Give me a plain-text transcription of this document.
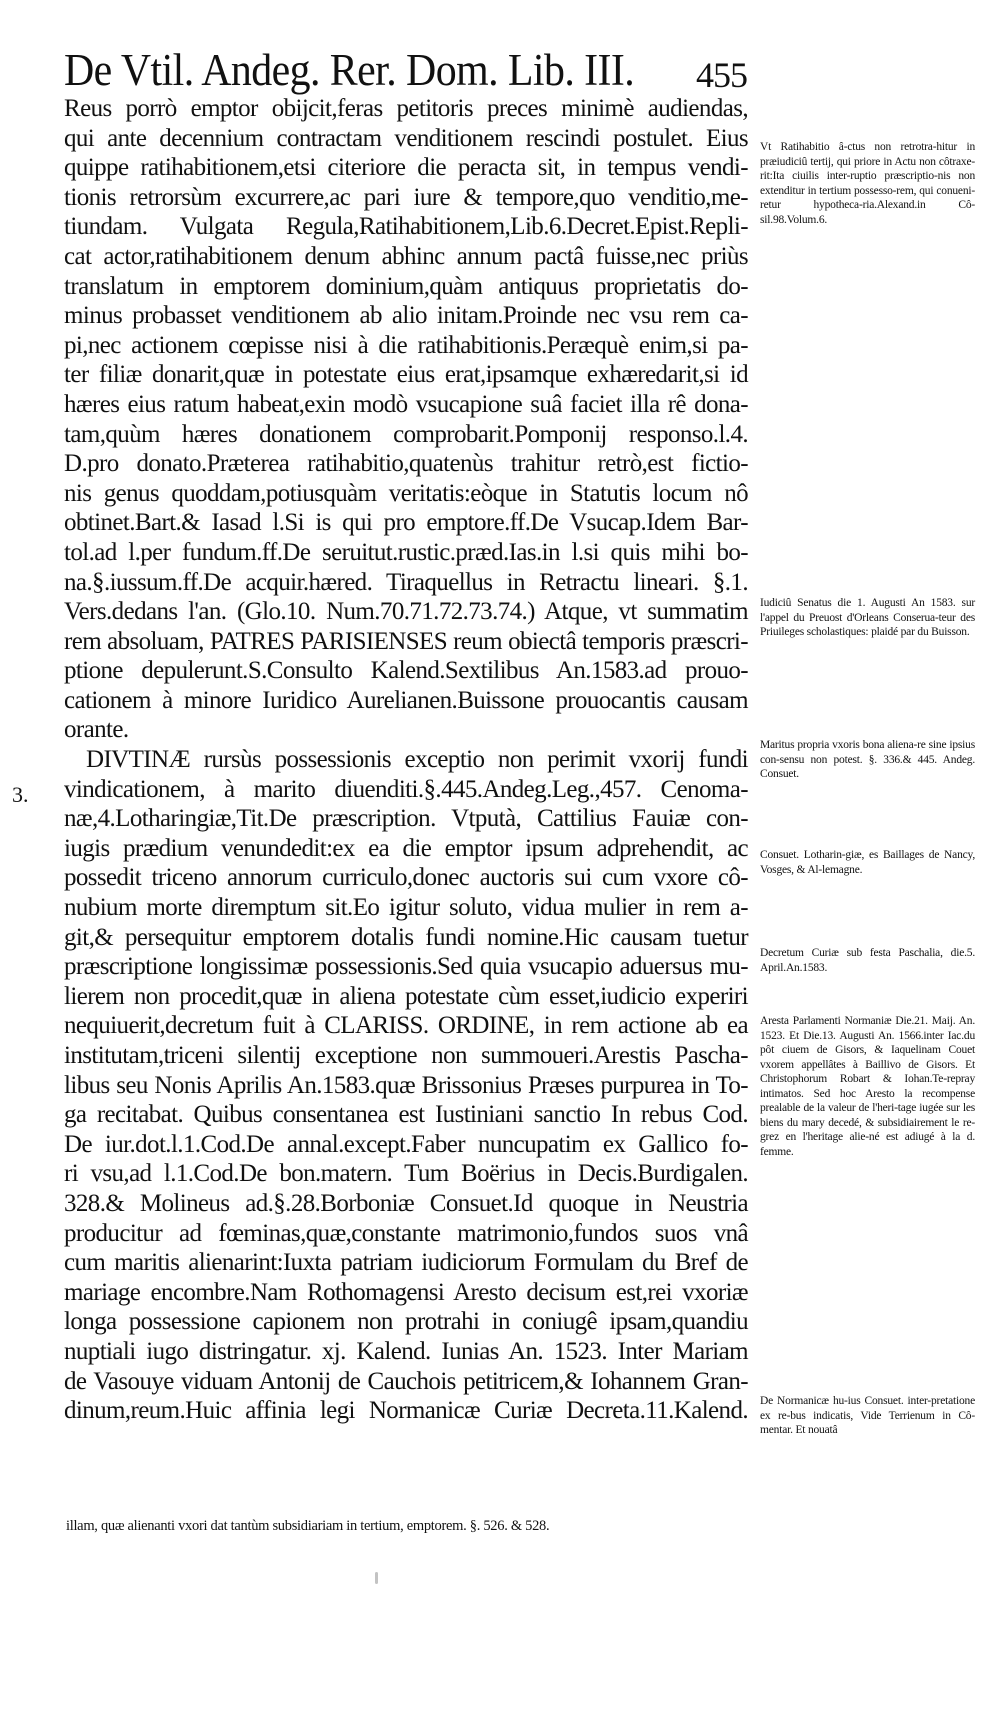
De Vtil. Andeg. Rer. Dom. Lib. III. 455
Reus porrò emptor obijcit,feras petitoris preces minimè audiendas,
qui ante decennium contractam venditionem rescindi postulet. Eius
quippe ratihabitionem,etsi citeriore die peracta sit, in tempus vendi-
tionis retrorsùm excurrere,ac pari iure & tempore,quo venditio,me-
tiundam. Vulgata Regula,Ratihabitionem,Lib.6.Decret.Epist.Repli-
cat actor,ratihabitionem denum abhinc annum pactâ fuisse,nec priùs
translatum in emptorem dominium,quàm antiquus proprietatis do-
minus probasset venditionem ab alio initam.Proinde nec vsu rem ca-
pi,nec actionem cœpisse nisi à die ratihabitionis.Peræquè enim,si pa-
ter filiæ donarit,quæ in potestate eius erat,ipsamque exhæredarit,si id
hæres eius ratum habeat,exin modò vsucapione suâ faciet illa rê dona-
tam,quùm hæres donationem comprobarit.Pomponij responso.l.4.
D.pro donato.Præterea ratihabitio,quatenùs trahitur retrò,est fictio-
nis genus quoddam,potiusquàm veritatis:eòque in Statutis locum nô
obtinet.Bart.& Iasad l.Si is qui pro emptore.ff.De Vsucap.Idem Bar-
tol.ad l.per fundum.ff.De seruitut.rustic.præd.Ias.in l.si quis mihi bo-
na.§.iussum.ff.De acquir.hæred. Tiraquellus in Retractu lineari. §.1.
Vers.dedans l'an. (Glo.10. Num.70.71.72.73.74.) Atque, vt summatim
rem absoluam, PATRES PARISIENSES reum obiectâ temporis præscri-
ptione depulerunt.S.Consulto Kalend.Sextilibus An.1583.ad prouo-
cationem à minore Iuridico Aurelianen.Buissone prouocantis causam
orante.
DIVTINÆ rursùs possessionis exceptio non perimit vxorij fundi
vindicationem, à marito diuenditi.§.445.Andeg.Leg.,457. Cenoma-
næ,4.Lotharingiæ,Tit.De præscription. Vtputà, Cattilius Fauiæ con-
iugis prædium venundedit:ex ea die emptor ipsum adprehendit, ac
possedit triceno annorum curriculo,donec auctoris sui cum vxore cô-
nubium morte diremptum sit.Eo igitur soluto, vidua mulier in rem a-
git,& persequitur emptorem dotalis fundi nomine.Hic causam tuetur
præscriptione longissimæ possessionis.Sed quia vsucapio aduersus mu-
lierem non procedit,quæ in aliena potestate cùm esset,iudicio experiri
nequiuerit,decretum fuit à CLARISS. ORDINE, in rem actione ab ea
institutam,triceni silentij exceptione non summoueri.Arestis Pascha-
libus seu Nonis Aprilis An.1583.quæ Brissonius Præses purpurea in To-
ga recitabat. Quibus consentanea est Iustiniani sanctio In rebus Cod.
De iur.dot.l.1.Cod.De annal.except.Faber nuncupatim ex Gallico fo-
ri vsu,ad l.1.Cod.De bon.matern. Tum Boërius in Decis.Burdigalen.
328.& Molineus ad.§.28.Borboniæ Consuet.Id quoque in Neustria
producitur ad fœminas,quæ,constante matrimonio,fundos suos vnâ
cum maritis alienarint:Iuxta patriam iudiciorum Formulam du Bref de
mariage encombre.Nam Rothomagensi Aresto decisum est,rei vxoriæ
longa possessione capionem non protrahi in coniugê ipsam,quandiu
nuptiali iugo distringatur. xj. Kalend. Iunias An. 1523. Inter Mariam
de Vasouye viduam Antonij de Cauchois petitricem,& Iohannem Gran-
dinum,reum.Huic affinia legi Normanicæ Curiæ Decreta.11.Kalend.
3.
Vt Ratihabitio â-ctus non retrotra-hitur in præiudiciû tertij, qui priore in Actu non côtraxe-rit:Ita ciuilis inter-ruptio præscriptio-nis non extenditur in tertium possesso-rem, qui conueni-retur hypotheca-ria.Alexand.in Cô-sil.98.Volum.6.
Iudiciû Senatus die 1. Augusti An 1583. sur l'appel du Preuost d'Orleans Conserua-teur des Priuileges scholastiques: plaidé par du Buisson.
Maritus propria vxoris bona aliena-re sine ipsius con-sensu non potest. §. 336.& 445. Andeg. Consuet.
Consuet. Lotharin-giæ, es Baillages de Nancy, Vosges, & Al-lemagne.
Decretum Curiæ sub festa Paschalia, die.5. April.An.1583.
Aresta Parlamenti Normaniæ Die.21. Maij. An. 1523. Et Die.13. Augusti An. 1566.inter Iac.du pôt ciuem de Gisors, & Iaquelinam Couet vxorem appellâtes à Baillivo de Gisors. Et Christophorum Robart & Iohan.Te-repray intimatos. Sed hoc Aresto la recompense prealable de la valeur de l'heri-tage iugée sur les biens du mary decedé, & subsidiairement le re-grez en l'heritage alie-né est adiugé à la d. femme.
De Normanicæ hu-ius Consuet. inter-pretatione ex re-bus indicatis, Vide Terrienum in Cô-mentar. Et nouatâ
illam, quæ alienanti vxori dat tantùm subsidiariam in tertium, emptorem. §. 526. & 528.
